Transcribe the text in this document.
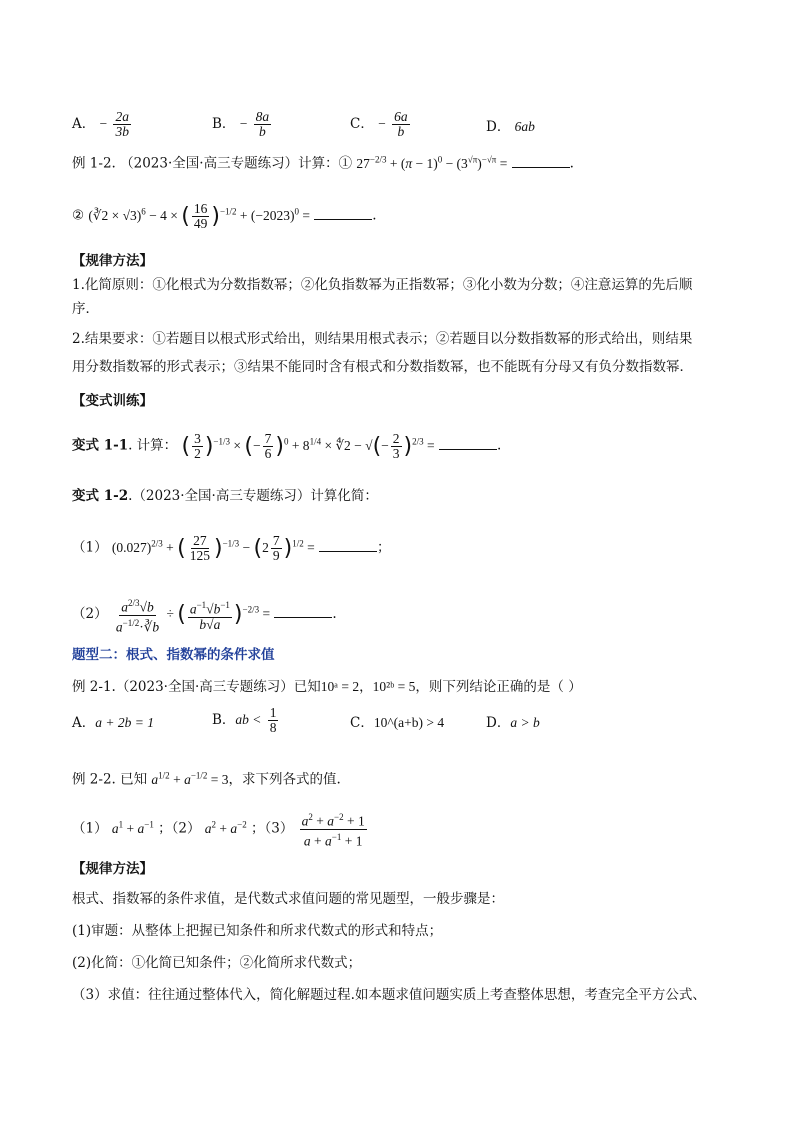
A． − $\frac{2a}{3b}$	B． − $\frac{8a}{b}$	C． − $\frac{6a}{b}$	D． 6ab
例 1-2. （2023·全国·高三专题练习）计算：① $27^{-2/3} + (\pi - 1)^0 - (3^{√\pi})^{-√\pi}$ =	.
② (∛2 × √3)$^6$ − 4 × ( $\frac{16}{49} )^{-1/2} + (-2023)^0$ =	.
【规律方法】
1.化简原则：①化根式为分数指数幂；②化负指数幂为正指数幂；③化小数为分数；④注意运算的先后顺
序．
2.结果要求：①若题目以根式形式给出，则结果用根式表示；②若题目以分数指数幂的形式给出，则结果
用分数指数幂的形式表示；③结果不能同时含有根式和分数指数幂，也不能既有分母又有负分数指数幂．
【变式训练】
变式 1-1. 计算： ( $\frac{3}{2} )^{-1/3}$ × (− $\frac{7}{6} )^0 + 8^{1/4}$ × ∜2 − √(− $\frac{2}{3} )^{2/3}$ =	.
变式 1-2.（2023·全国·高三专题练习）计算化简：
（1） $(0.027)^{2/3}$ + ( $\frac{27}{125} )^{-1/3} - (2 \frac{7}{9} )^{1/2}$ =	；
$(2) \frac{a^{2/3}√b}{a^{-1/2}\cdot∛b}$ ÷ ( $\frac{a^{-1}√b^{-1}}{b√a} )^{-2/3}$ =	.
题型二：根式、指数幂的条件求值
例 2-1.（2023·全国·高三专题练习）已知10ᵃ = 2，10²ᵇ = 5，则下列结论正确的是（ ）
A．a + 2b = 1	B．ab < $\frac{1}{8}$	C．10^(a+b) > 4	D．a > b
例 2-2. 已知 $a^{1/2} + a^{-1/2} = 3$，求下列各式的值.
（1） $a^1 + a^{-1}$ ；（2） $a^2 + a^{-2}$ ；$(3) \frac{a^2 + a^{-2} + 1}{a + a^{-1} + 1}$
【规律方法】
根式、指数幂的条件求值，是代数式求值问题的常见题型，一般步骤是：
(1)审题：从整体上把握已知条件和所求代数式的形式和特点；
(2)化简：①化简已知条件；②化简所求代数式；
（3）求值：往往通过整体代入，简化解题过程.如本题求值问题实质上考查整体思想，考查完全平方公式、
